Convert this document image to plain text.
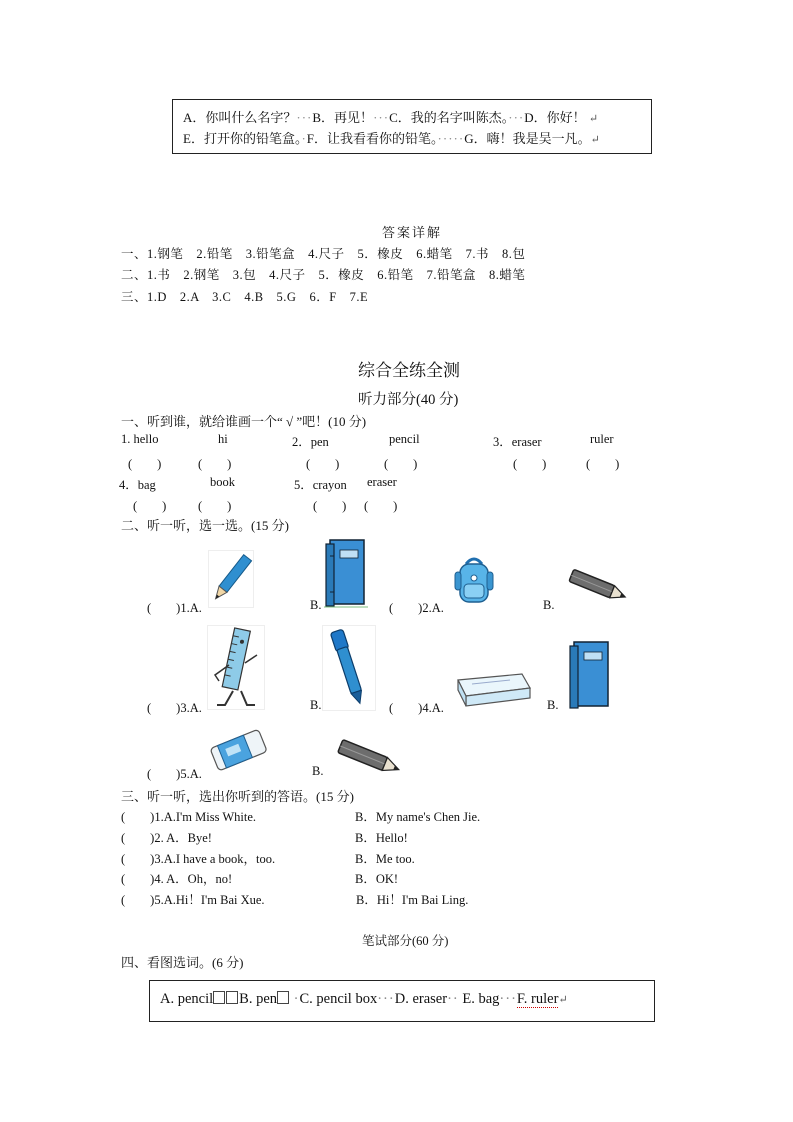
A．你叫什么名字？···B．再见！···C．我的名字叫陈杰。···D．你好！ ↵
E．打开你的铅笔盒。·F．让我看看你的铅笔。·····G．嗨！我是吴一凡。↵
答案详解
一、1.钢笔　2.铅笔　3.铅笔盒　4.尺子　5．橡皮　6.蜡笔　7.书　8.包
二、1.书　2.钢笔　3.包　4.尺子　5．橡皮　6.铅笔　7.铅笔盒　8.蜡笔
三、1.D　2.A　3.C　4.B　5.G　6．F　7.E
综合全练全测
听力部分(40 分)
一、听到谁，就给谁画一个“ √ ”吧！(10 分)
1. hello	hi	2．pen	pencil	3．eraser	ruler
(　　)	(　　)	(　　)	(　　)	(　　)	(　　)
4．bag	book	5．crayon eraser
(　　)	(　　)	(　　) (　　)
二、听一听，选一选。(15 分)
(　　)1.A.	B.	(　　)2.A.	B.
(　　)3.A.	B.	(　　)4.A.	B.
(　　)5.A.	B.
三、听一听，选出你听到的答语。(15 分)
(　　)1.A.I'm Miss White.	B．My name's Chen Jie.
(　　)2. A．Bye!	B．Hello!
(　　)3.A.I have a book，too.	B．Me too.
(　　)4. A．Oh，no!	B．OK!
(　　)5.A.Hi！I'm Bai Xue.	B．Hi！I'm Bai Ling.
笔试部分(60 分)
四、看图选词。(6 分)
A. pencil B. pen ·C. pencil box···D. eraser·· E. bag···F. ruler↵
